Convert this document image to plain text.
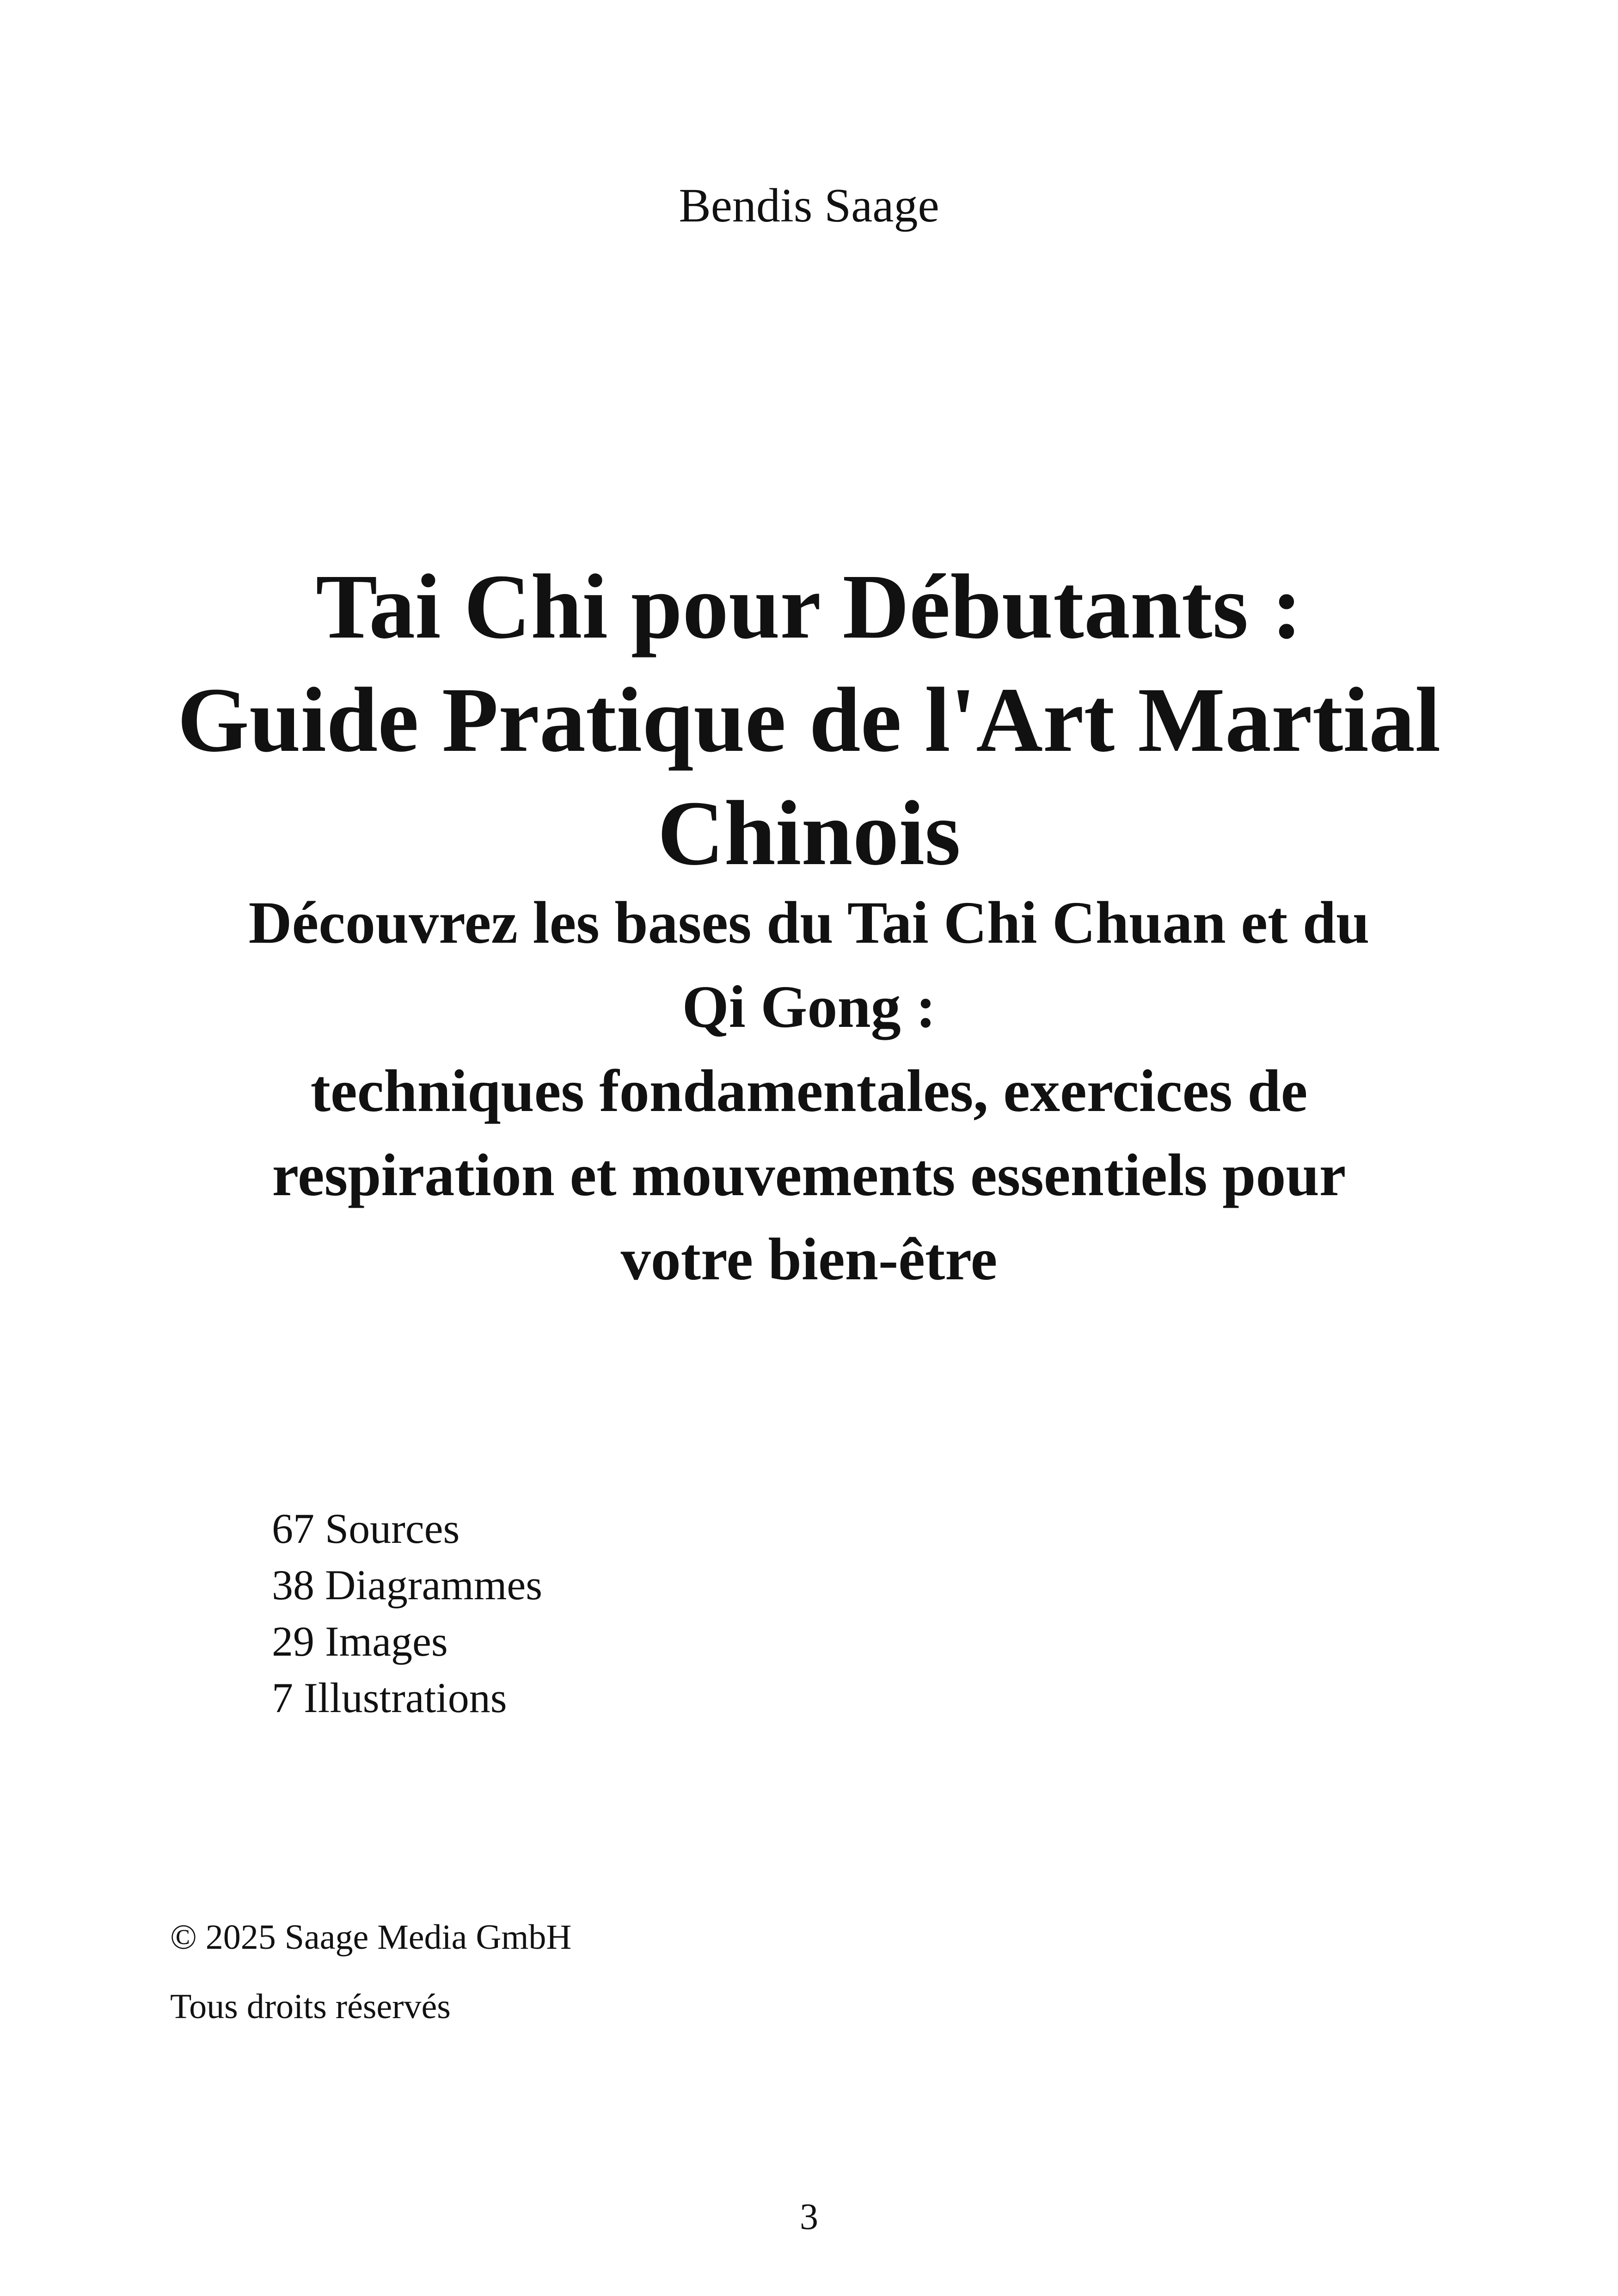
Bendis Saage
Tai Chi pour Débutants :
Guide Pratique de l'Art Martial
Chinois

Découvrez les bases du Tai Chi Chuan et du

Qi Gong :

techniques fondamentales, exercices de

respiration et mouvements essentiels pour

votre bien-être

67 Sources
38 Diagrammes
29 Images
7 Illustrations
© 2025 Saage Media GmbH
Tous droits réservés
3
